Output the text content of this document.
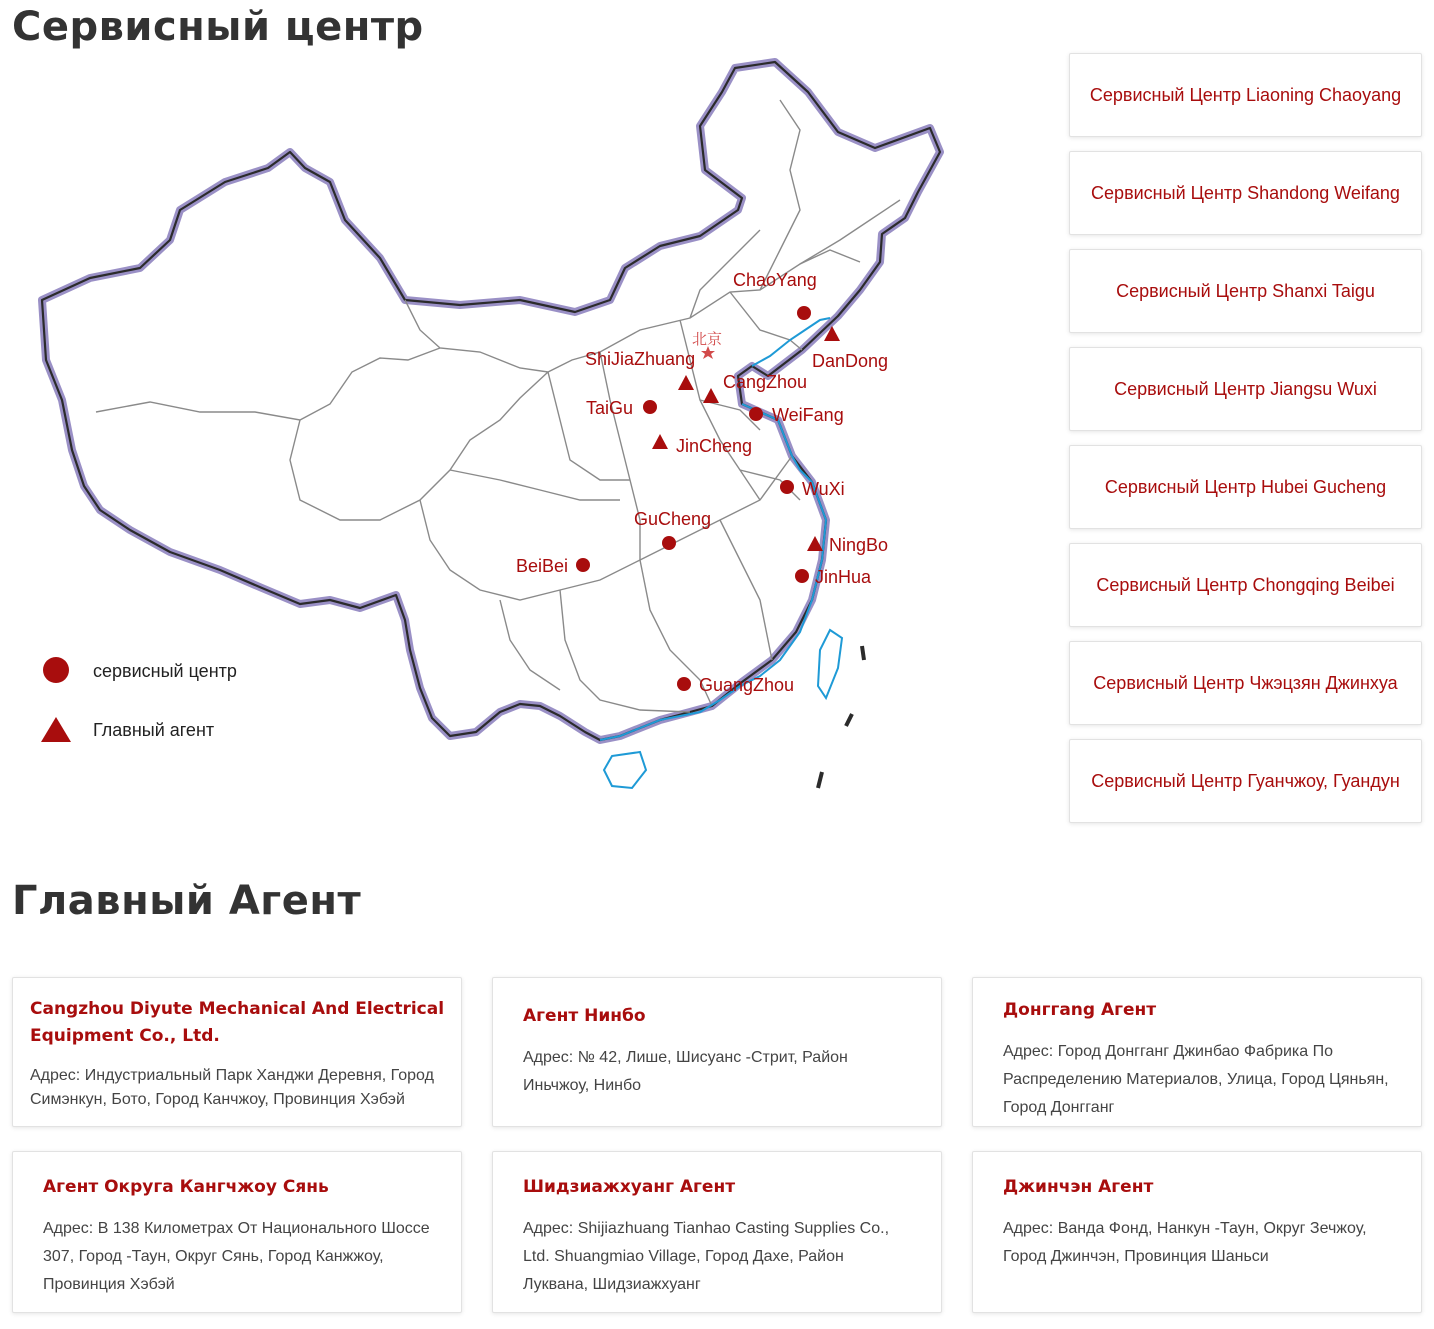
Сервисный центр
北京
ChaoYang
DanDong
ShiJiaZhuang
CangZhou
TaiGu	WeiFang
JinCheng
WuXi
GuCheng
NingBo
BeiBei
JinHua
GuangZhou
сервисный центр
Главный агент
Сервисный Центр Liaoning Chaoyang
Сервисный Центр Shandong Weifang
Сервисный Центр Shanxi Taigu
Сервисный Центр Jiangsu Wuxi
Сервисный Центр Hubei Gucheng
Сервисный Центр Chongqing Beibei
Сервисный Центр Чжэцзян Джинхуа
Сервисный Центр Гуанчжоу, Гуандун
Главный Агент

Cangzhou Diyute Mechanical And Electrical Equipment Co., Ltd.

Адрес: Индустриальный Парк Ханджи Деревня, Город Симэнкун, Бото, Город Канчжоу, Провинция Хэбэй

Агент Нинбо

Адрес: № 42, Лише, Шисуанс -Стрит, Район Иньчжоу, Нинбо

Донггang Агент

Адрес: Город Донгганг Джинбао Фабрика По Распределению Материалов, Улица, Город Цяньян, Город Донгганг

Агент Округа Кангчжоу Сянь

Адрес: В 138 Километрах От Национального Шоссе 307, Город -Таун, Округ Сянь, Город Канжжоу, Провинция Хэбэй

Шидзиажхуанг Агент

Адрес: Shijiazhuang Tianhao Casting Supplies Co., Ltd. Shuangmiao Village, Город Дахе, Район Луквана, Шидзиажхуанг

Джинчэн Агент

Адрес: Ванда Фонд, Нанкун -Таун, Округ Зечжоу, Город Джинчэн, Провинция Шаньси
